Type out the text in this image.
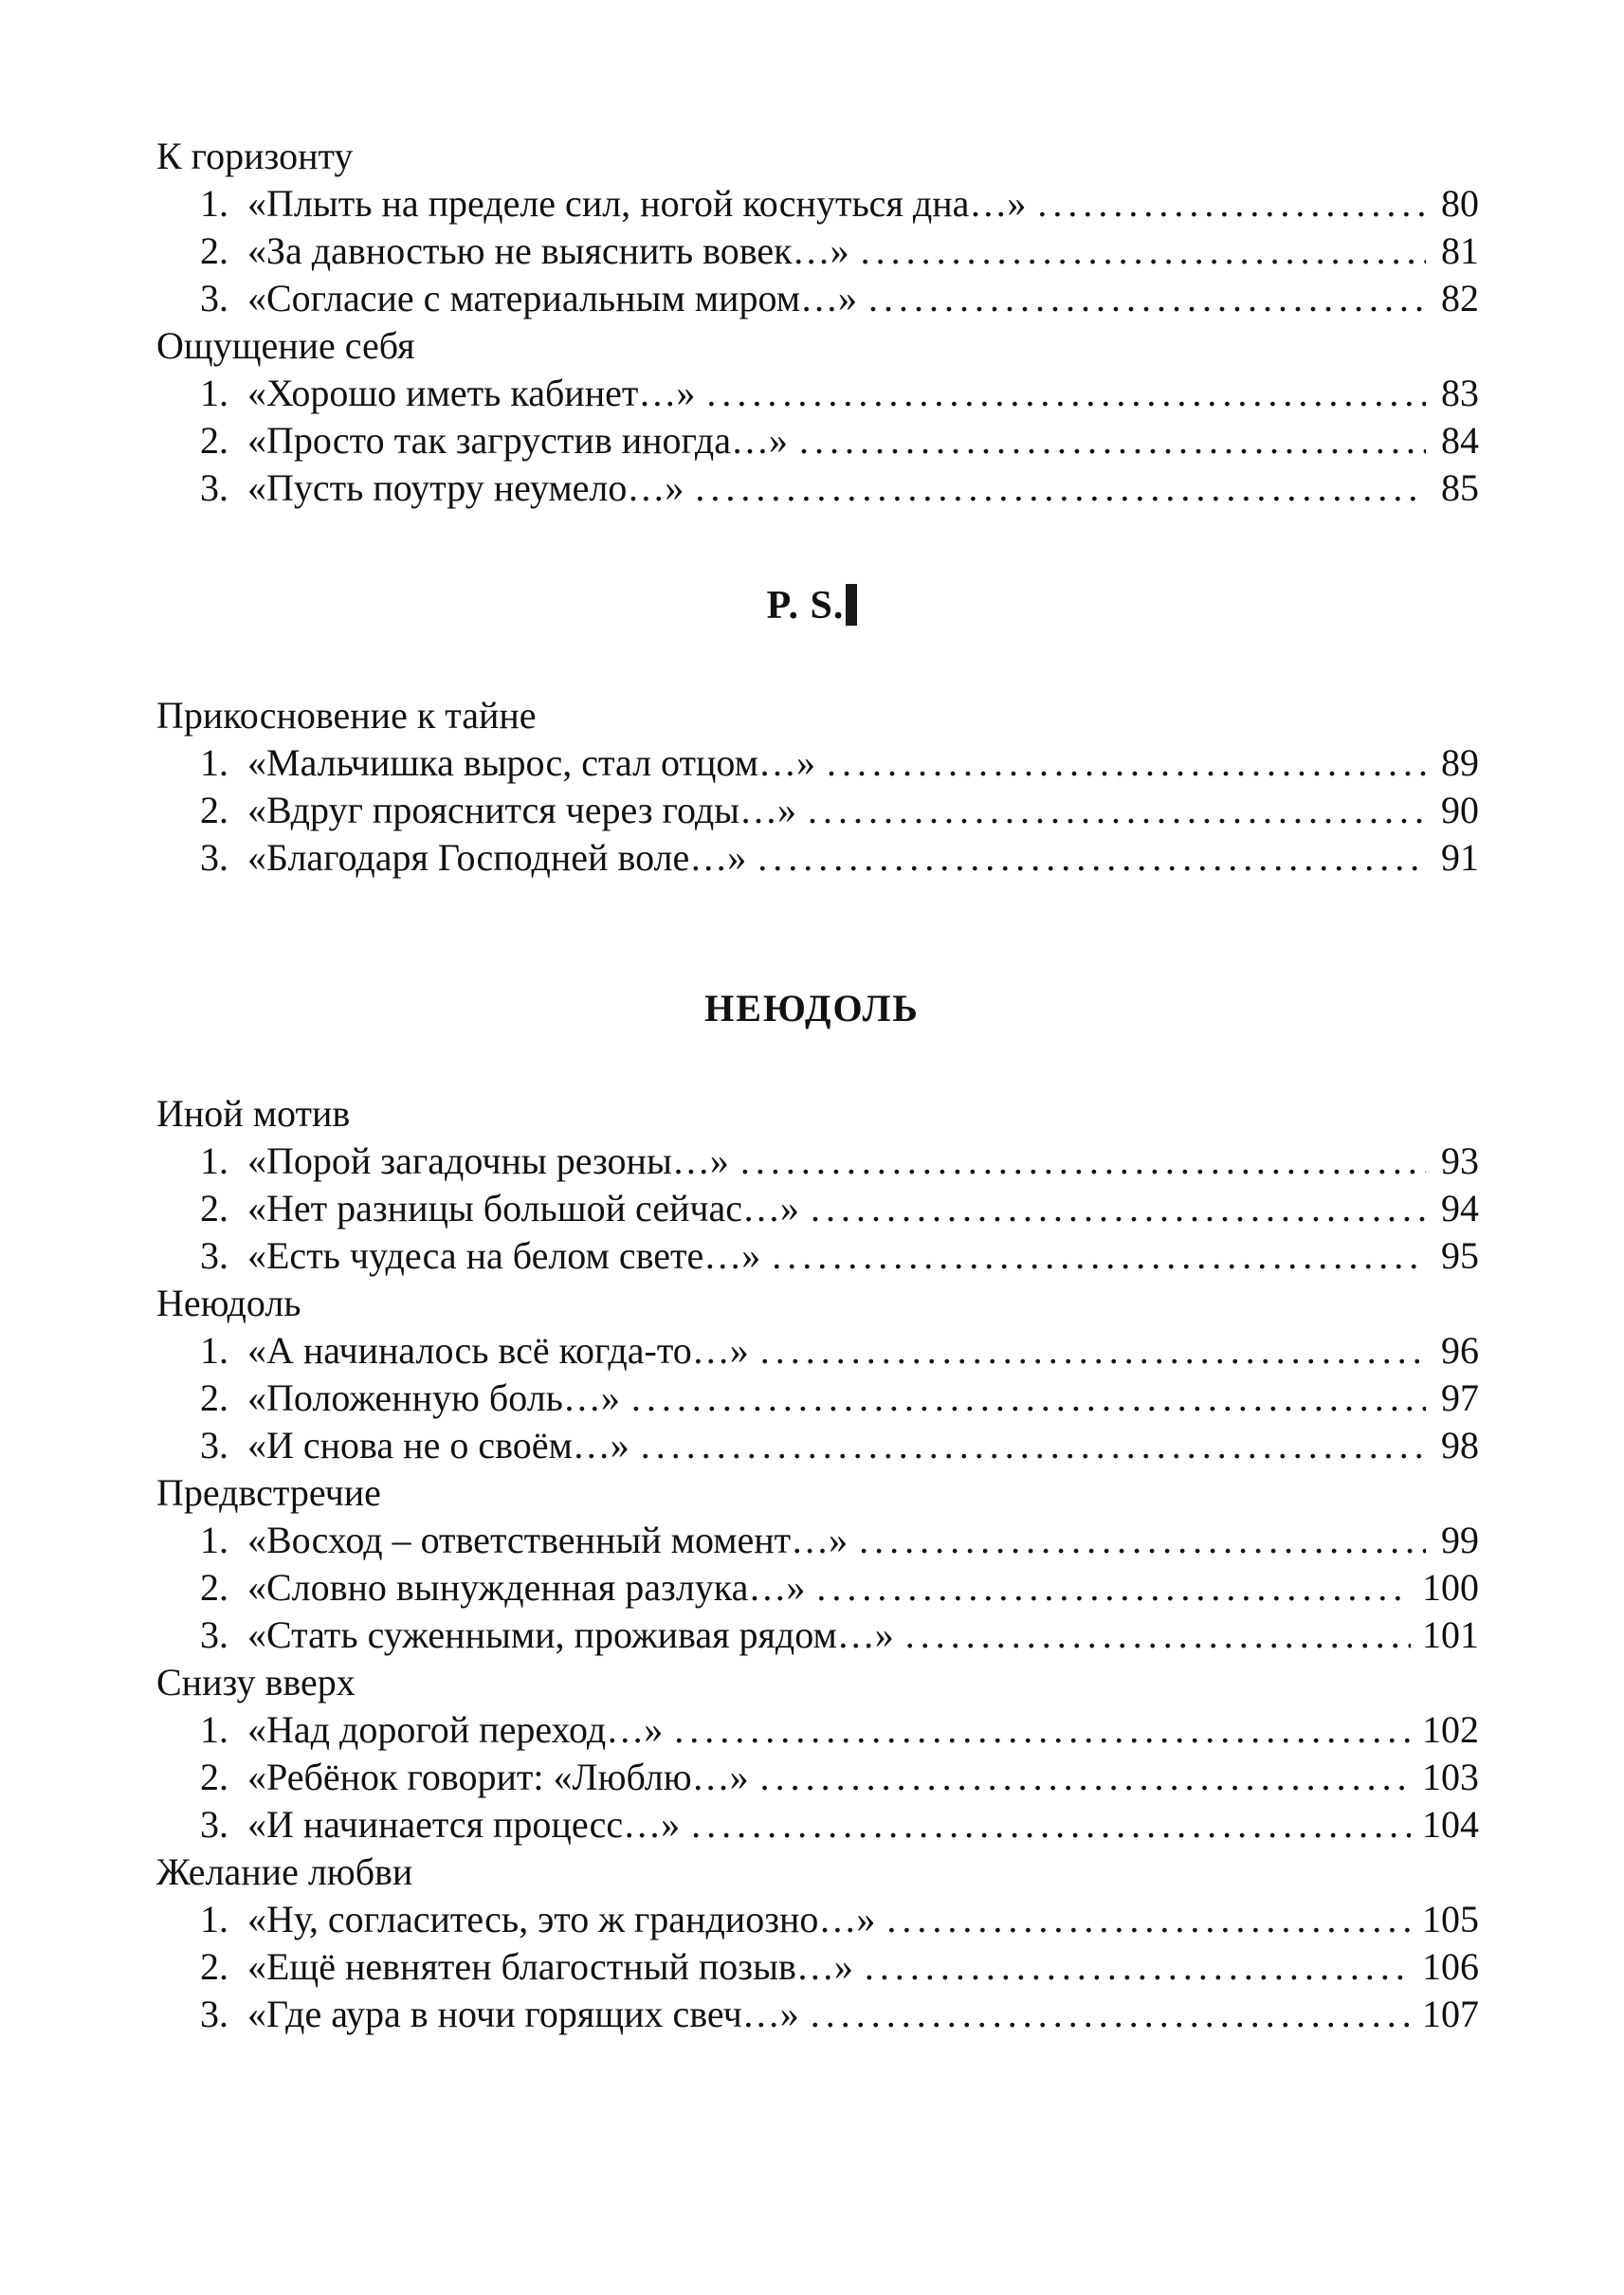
К горизонту
1. «Плыть на пределе сил, ногой коснуться дна…» . . .	80
2. «За давностью не выяснить вовек…» . . .	81
3. «Согласие с материальным миром…» . . .	82
Ощущение себя
1. «Хорошо иметь кабинет…» . . .	83
2. «Просто так загрустив иногда…» . . .	84
3. «Пусть поутру неумело…» . . .	85
P. S.
Прикосновение к тайне
1. «Мальчишка вырос, стал отцом…» . . .	89
2. «Вдруг прояснится через годы…» . . .	90
3. «Благодаря Господней воле…» . . .	91
НЕЮДОЛЬ
Иной мотив
1. «Порой загадочны резоны…» . . .	93
2. «Нет разницы большой сейчас…» . . .	94
3. «Есть чудеса на белом свете…» . . .	95
Неюдоль
1. «А начиналось всё когда-то…» . . .	96
2. «Положенную боль…» . . .	97
3. «И снова не о своём…» . . .	98
Предвстречие
1. «Восход – ответственный момент…» . . .	99
2. «Словно вынужденная разлука…» . . .	100
3. «Стать суженными, проживая рядом…» . . .	101
Снизу вверх
1. «Над дорогой переход…» . . .	102
2. «Ребёнок говорит: «Люблю…» . . .	103
3. «И начинается процесс…» . . .	104
Желание любви
1. «Ну, согласитесь, это ж грандиозно…» . . .	105
2. «Ещё невнятен благостный позыв…» . . .	106
3. «Где аура в ночи горящих свеч…» . . .	107
